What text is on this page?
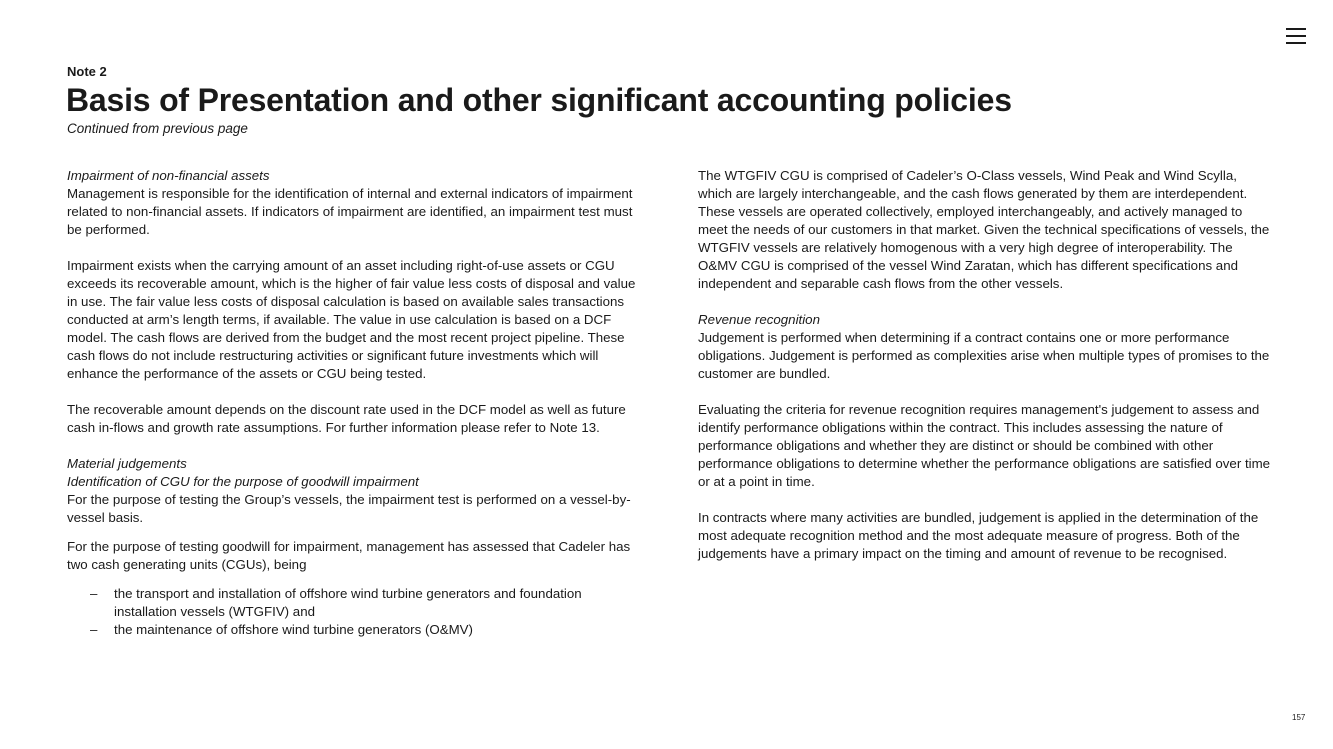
Note 2

Basis of Presentation and other significant accounting policies

Continued from previous page

Impairment of non-financial assets

Management is responsible for the identification of internal and external indicators of impairment related to non-financial assets. If indicators of impairment are identified, an impairment test must be performed.

Impairment exists when the carrying amount of an asset including right-of-use assets or CGU exceeds its recoverable amount, which is the higher of fair value less costs of disposal and value in use. The fair value less costs of disposal calculation is based on available sales transactions conducted at arm’s length terms, if available. The value in use calculation is based on a DCF model. The cash flows are derived from the budget and the most recent project pipeline. These cash flows do not include restructuring activities or significant future investments which will enhance the performance of the assets or CGU being tested.

The recoverable amount depends on the discount rate used in the DCF model as well as future cash in-flows and growth rate assumptions. For further information please refer to Note 13.

Material judgements

Identification of CGU for the purpose of goodwill impairment

For the purpose of testing the Group’s vessels, the impairment test is performed on a vessel-by-vessel basis.

For the purpose of testing goodwill for impairment, management has assessed that Cadeler has two cash generating units (CGUs), being

– the transport and installation of offshore wind turbine generators and foundation installation vessels (WTGFIV) and
– the maintenance of offshore wind turbine generators (O&MV)

The WTGFIV CGU is comprised of Cadeler’s O-Class vessels, Wind Peak and Wind Scylla, which are largely interchangeable, and the cash flows generated by them are interdependent. These vessels are operated collectively, employed interchangeably, and actively managed to meet the needs of our customers in that market. Given the technical specifications of vessels, the WTGFIV vessels are relatively homogenous with a very high degree of interoperability. The O&MV CGU is comprised of the vessel Wind Zaratan, which has different specifications and independent and separable cash flows from the other vessels.

Revenue recognition

Judgement is performed when determining if a contract contains one or more performance obligations. Judgement is performed as complexities arise when multiple types of promises to the customer are bundled.

Evaluating the criteria for revenue recognition requires management's judgement to assess and identify performance obligations within the contract. This includes assessing the nature of performance obligations and whether they are distinct or should be combined with other performance obligations to determine whether the performance obligations are satisfied over time or at a point in time.

In contracts where many activities are bundled, judgement is applied in the determination of the most adequate recognition method and the most adequate measure of progress. Both of the judgements have a primary impact on the timing and amount of revenue to be recognised.

157
